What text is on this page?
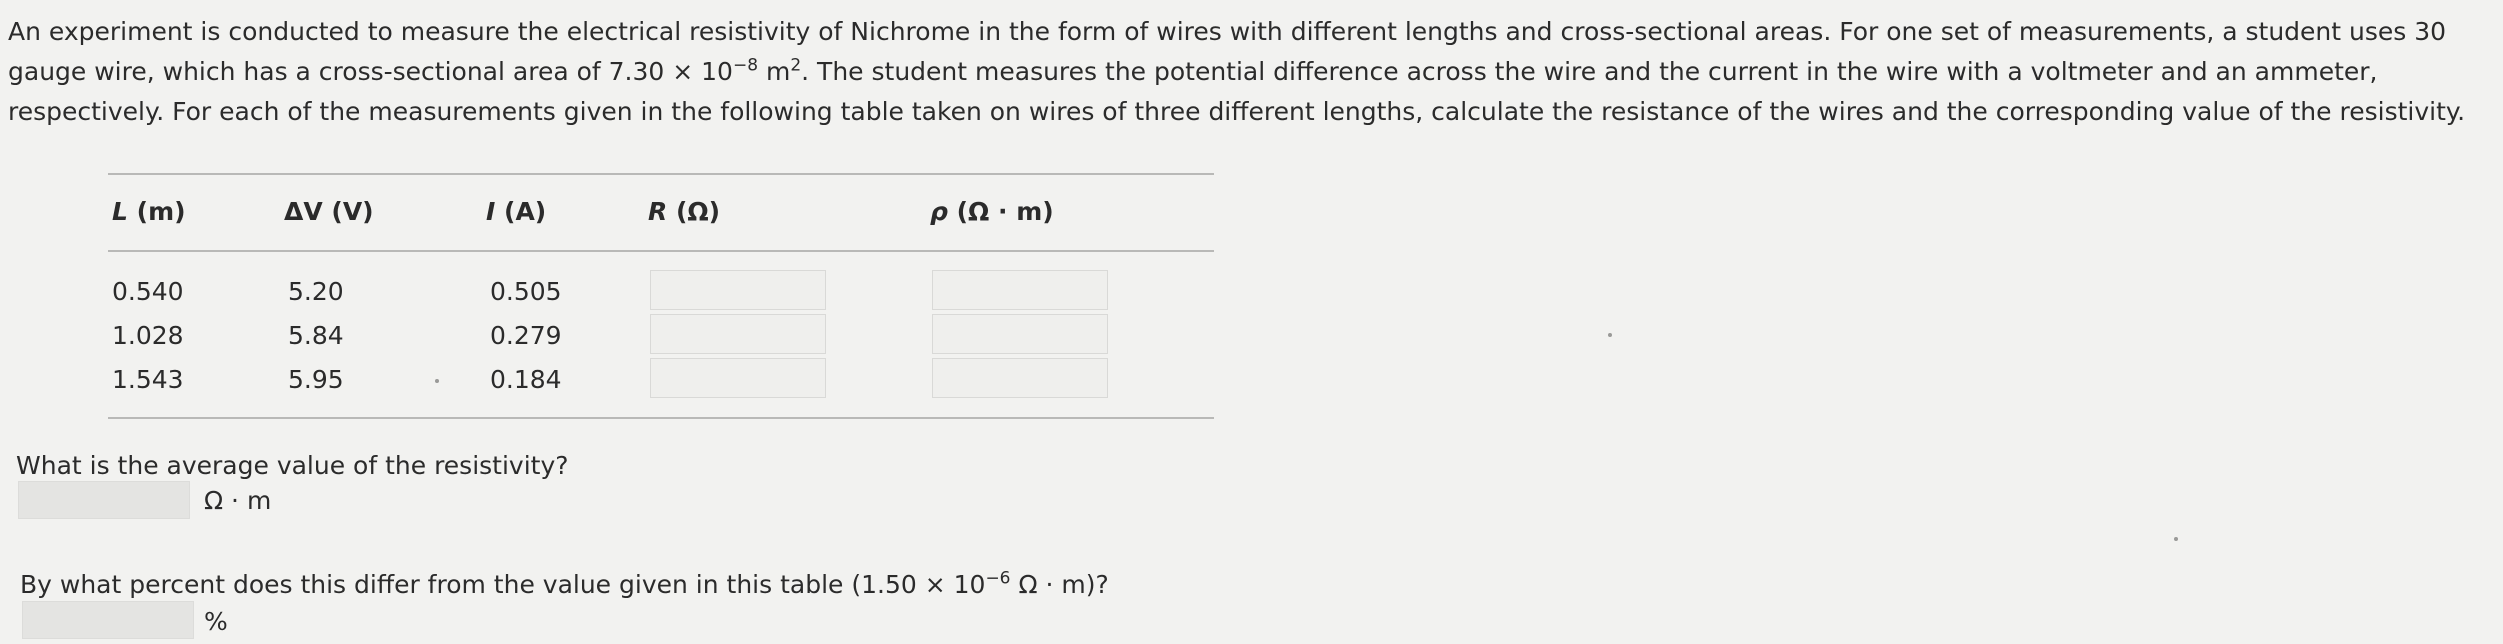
An experiment is conducted to measure the electrical resistivity of Nichrome in the form of wires with different lengths and cross-sectional areas. For one set of measurements, a student uses 30 gauge wire, which has a cross-sectional area of $7.30 \times 10^{-8}$ $m^2$. The student measures the potential difference across the wire and the current in the wire with a voltmeter and an ammeter, respectively. For each of the measurements given in the following table taken on wires of three different lengths, calculate the resistance of the wires and the corresponding value of the resistivity.

L (m)	ΔV (V)	I (A)	R (Ω)	ρ (Ω · m)
0.540	5.20	0.505
1.028	5.84	0.279
1.543	5.95	0.184
What is the average value of the resistivity?
Ω · m
By what percent does this differ from the value given in this table ($1.50 \times 10^{-6}$ Ω · m)?
%
